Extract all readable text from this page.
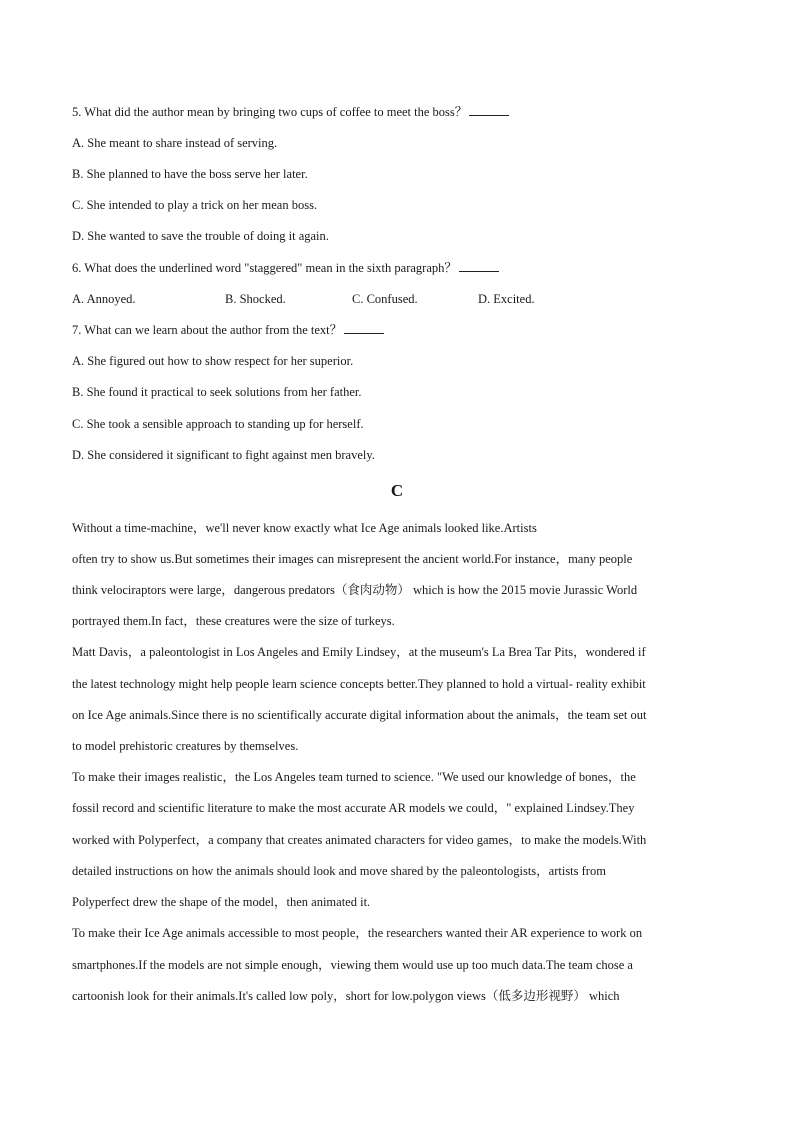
5. What did the author mean by bringing two cups of coffee to meet the boss？
A. She meant to share instead of serving.
B. She planned to have the boss serve her later.
C. She intended to play a trick on her mean boss.
D. She wanted to save the trouble of doing it again.
6. What does the underlined word "staggered" mean in the sixth paragraph？
A. Annoyed.	B. Shocked.	C. Confused.	D. Excited.
7. What can we learn about the author from the text？
A. She figured out how to show respect for her superior.
B. She found it practical to seek solutions from her father.
C. She took a sensible approach to standing up for herself.
D. She considered it significant to fight against men bravely.
C
Without a time-machine，we'll never know exactly what Ice Age animals looked like.Artists
often try to show us.But sometimes their images can misrepresent the ancient world.For instance，many people
think velociraptors were large，dangerous predators（食肉动物） which is how the 2015 movie Jurassic World
portrayed them.In fact，these creatures were the size of turkeys.
Matt Davis，a paleontologist in Los Angeles and Emily Lindsey，at the museum's La Brea Tar Pits，wondered if
the latest technology might help people learn science concepts better.They planned to hold a virtual- reality exhibit
on Ice Age animals.Since there is no scientifically accurate digital information about the animals，the team set out
to model prehistoric creatures by themselves.
To make their images realistic，the Los Angeles team turned to science. "We used our knowledge of bones，the
fossil record and scientific literature to make the most accurate AR models we could，" explained Lindsey.They
worked with Polyperfect，a company that creates animated characters for video games，to make the models.With
detailed instructions on how the animals should look and move shared by the paleontologists，artists from
Polyperfect drew the shape of the model，then animated it.
To make their Ice Age animals accessible to most people，the researchers wanted their AR experience to work on
smartphones.If the models are not simple enough，viewing them would use up too much data.The team chose a
cartoonish look for their animals.It's called low poly，short for low.polygon views（低多边形视野） which
